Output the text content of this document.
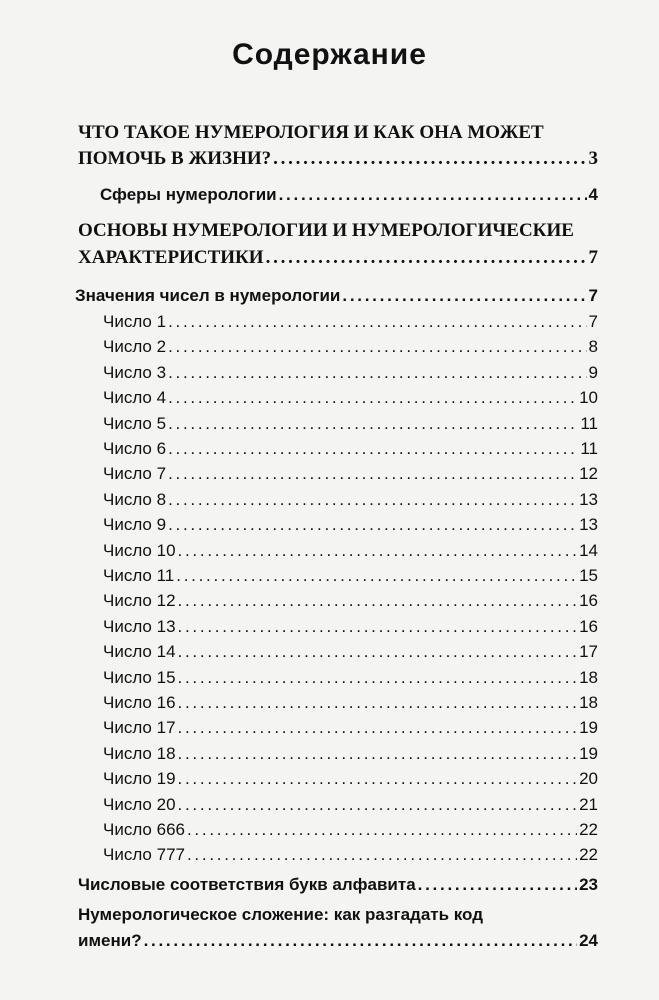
Содержание
ЧТО ТАКОЕ НУМЕРОЛОГИЯ И КАК ОНА МОЖЕТ
ПОМОЧЬ В ЖИЗНИ? . . .	3
Сферы нумерологии . . .	4
ОСНОВЫ НУМЕРОЛОГИИ И НУМЕРОЛОГИЧЕСКИЕ
ХАРАКТЕРИСТИКИ . . .	7
Значения чисел в нумерологии . . .	7
Число 1 . . .	7
Число 2 . . .	8
Число 3 . . .	9
Число 4 . . .	10
Число 5 . . .	11
Число 6 . . .	11
Число 7 . . .	12
Число 8 . . .	13
Число 9 . . .	13
Число 10 . . .	14
Число 11 . . .	15
Число 12 . . .	16
Число 13 . . .	16
Число 14 . . .	17
Число 15 . . .	18
Число 16 . . .	18
Число 17 . . .	19
Число 18 . . .	19
Число 19 . . .	20
Число 20 . . .	21
Число 666 . . .	22
Число 777 . . .	22
Числовые соответствия букв алфавита . . .	23
Нумерологическое сложение: как разгадать код
имени? . . .	24
